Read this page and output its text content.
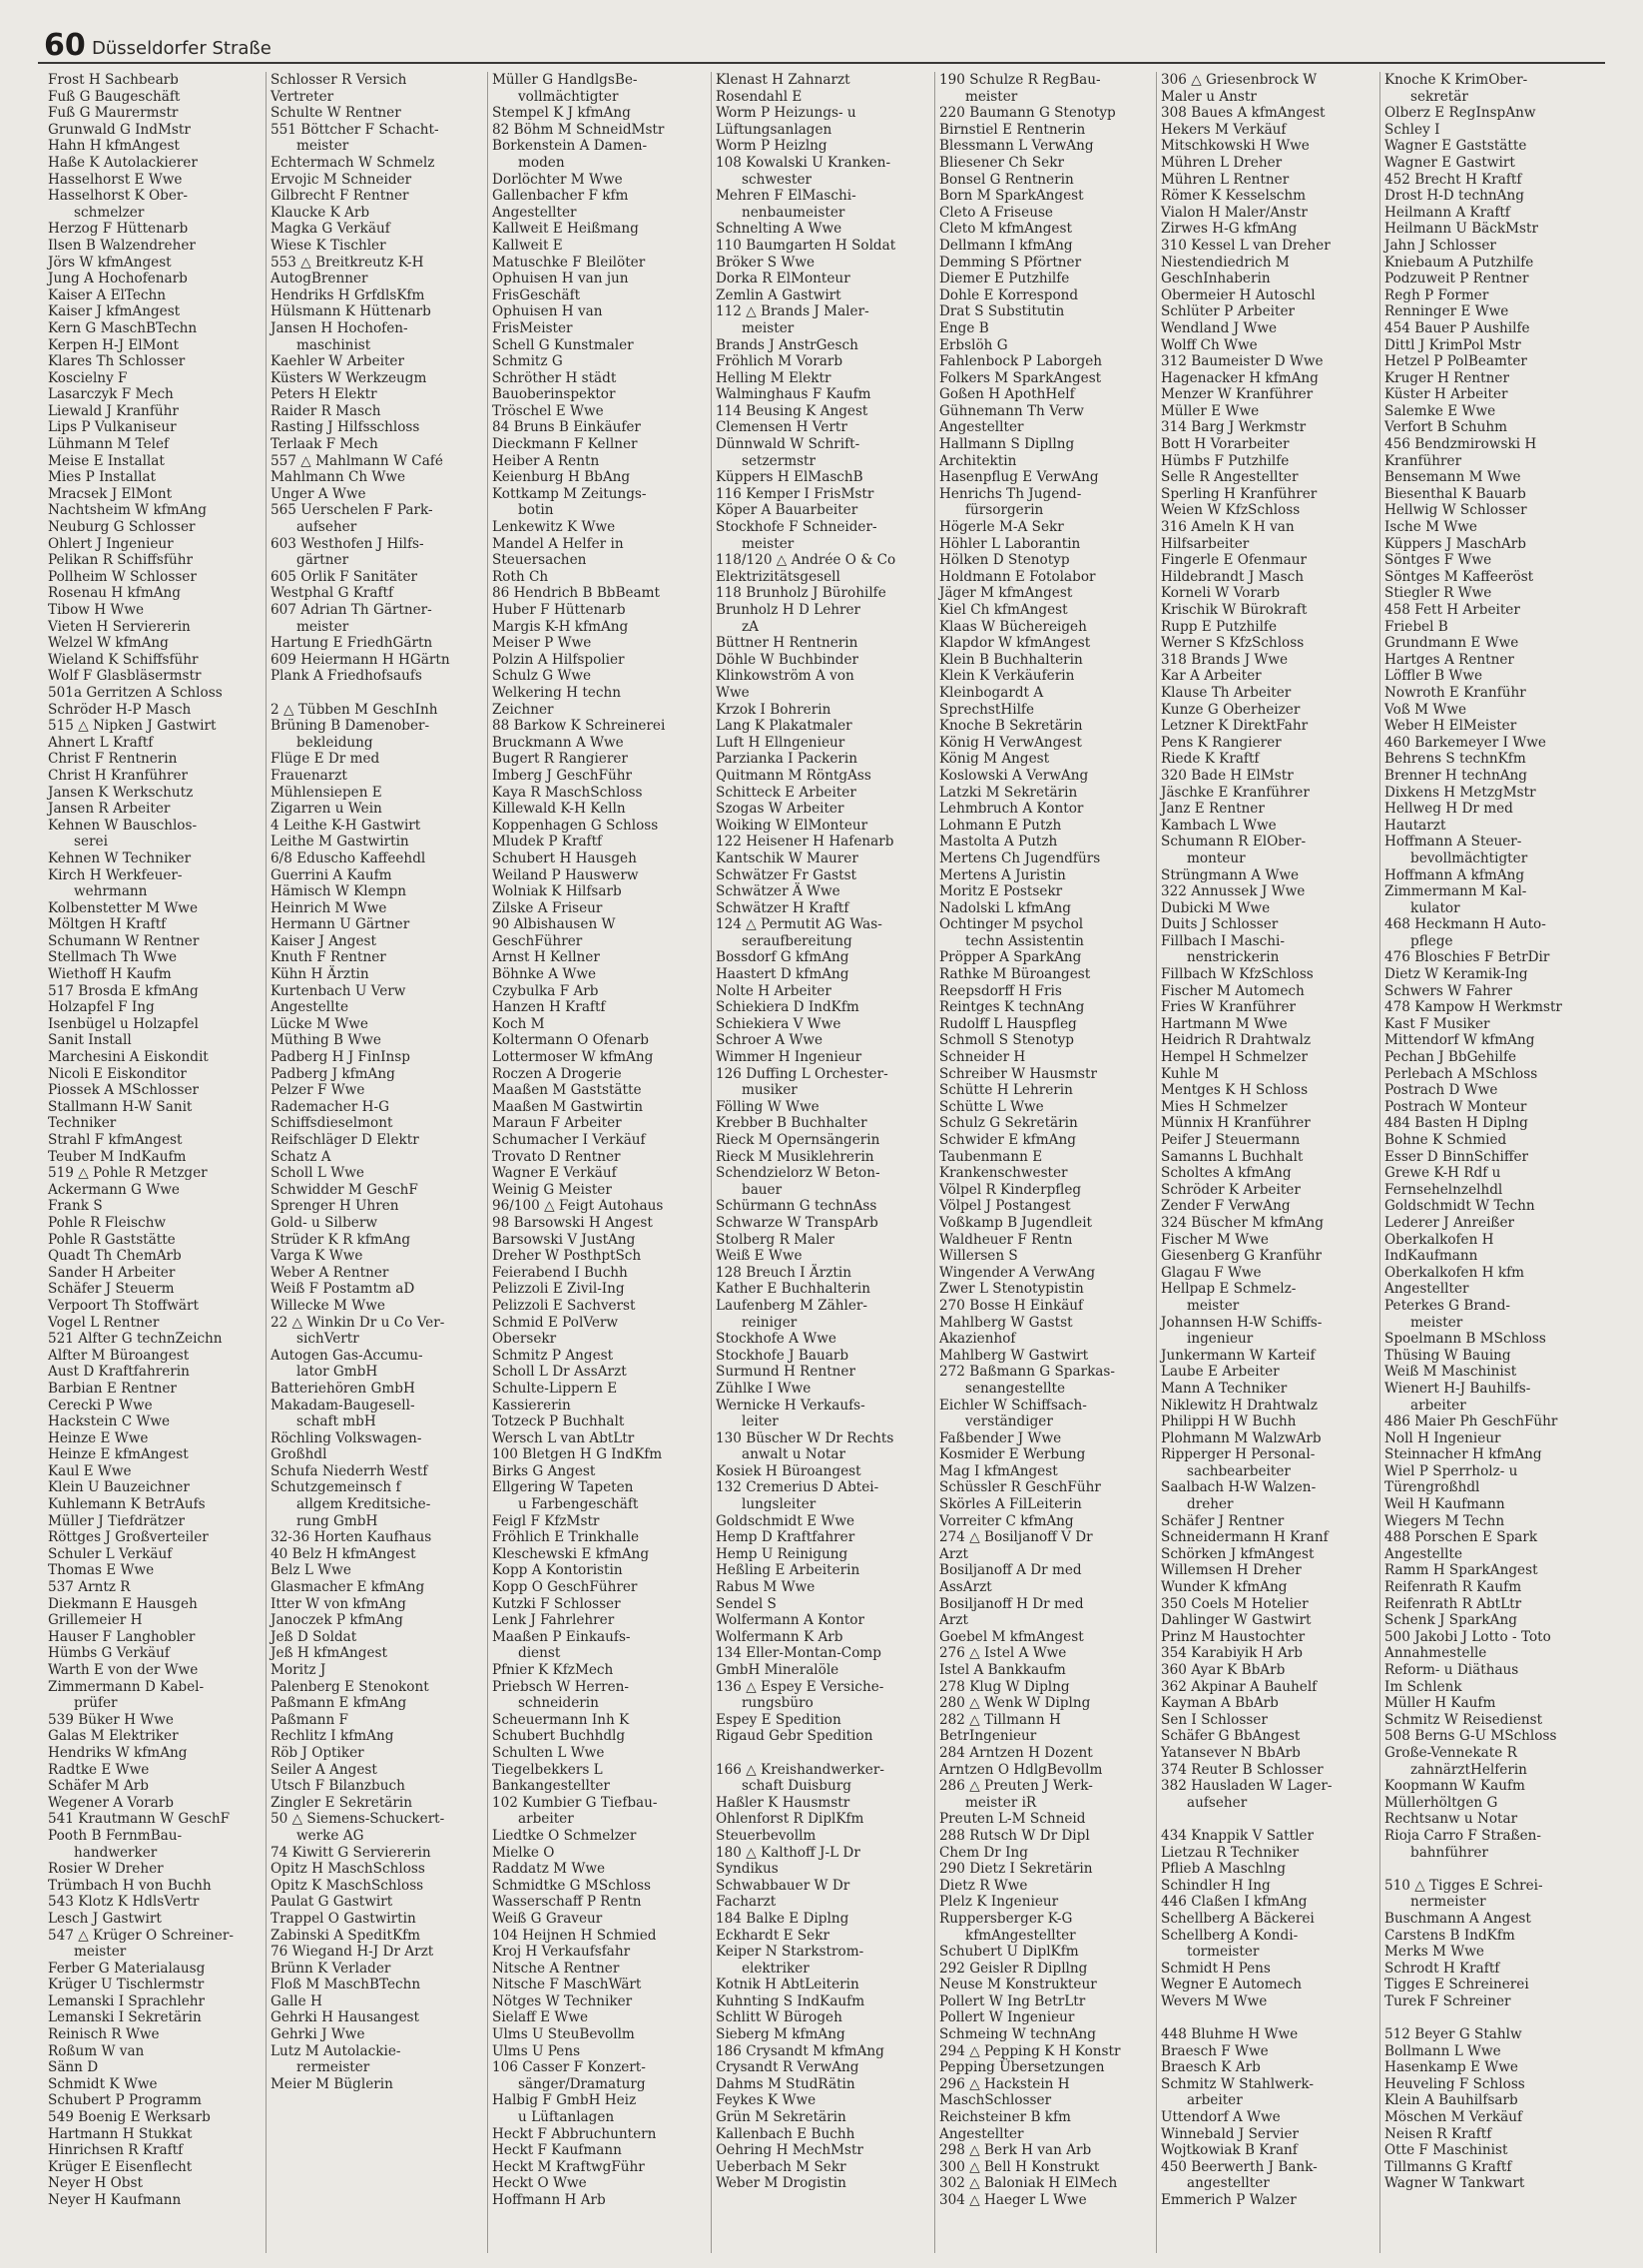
60 Düsseldorfer Straße
Frost H Sachbearb
Fuß G Baugeschäft
Fuß G Maurermstr
Grunwald G IndMstr
Hahn H kfmAngest
Haße K Autolackierer
Hasselhorst E Wwe
Hasselhorst K Ober-
schmelzer
Herzog F Hüttenarb
Ilsen B Walzendreher
Jörs W kfmAngest
Jung A Hochofenarb
Kaiser A ElTechn
Kaiser J kfmAngest
Kern G MaschBTechn
Kerpen H-J ElMont
Klares Th Schlosser
Koscielny F
Lasarczyk F Mech
Liewald J Kranführ
Lips P Vulkaniseur
Lühmann M Telef
Meise E Installat
Mies P Installat
Mracsek J ElMont
Nachtsheim W kfmAng
Neuburg G Schlosser
Ohlert J Ingenieur
Pelikan R Schiffsführ
Pollheim W Schlosser
Rosenau H kfmAng
Tibow H Wwe
Vieten H Serviererin
Welzel W kfmAng
Wieland K Schiffsführ
Wolf F Glasbläsermstr
501a Gerritzen A Schloss
Schröder H-P Masch
515 △ Nipken J Gastwirt
Ahnert L Kraftf
Christ F Rentnerin
Christ H Kranführer
Jansen K Werkschutz
Jansen R Arbeiter
Kehnen W Bauschlos-
serei
Kehnen W Techniker
Kirch H Werkfeuer-
wehrmann
Kolbenstetter M Wwe
Möltgen H Kraftf
Schumann W Rentner
Stellmach Th Wwe
Wiethoff H Kaufm
517 Brosda E kfmAng
Holzapfel F Ing
Isenbügel u Holzapfel
Sanit Install
Marchesini A Eiskondit
Nicoli E Eiskonditor
Piossek A MSchlosser
Stallmann H-W Sanit
Techniker
Strahl F kfmAngest
Teuber M IndKaufm
519 △ Pohle R Metzger
Ackermann G Wwe
Frank S
Pohle R Fleischw
Pohle R Gaststätte
Quadt Th ChemArb
Sander H Arbeiter
Schäfer J Steuerm
Verpoort Th Stoffwärt
Vogel L Rentner
521 Alfter G technZeichn
Alfter M Büroangest
Aust D Kraftfahrerin
Barbian E Rentner
Cerecki P Wwe
Hackstein C Wwe
Heinze E Wwe
Heinze E kfmAngest
Kaul E Wwe
Klein U Bauzeichner
Kuhlemann K BetrAufs
Müller J Tiefdrätzer
Röttges J Großverteiler
Schuler L Verkäuf
Thomas E Wwe
537 Arntz R
Diekmann E Hausgeh
Grillemeier H
Hauser F Langhobler
Hümbs G Verkäuf
Warth E von der Wwe
Zimmermann D Kabel-
prüfer
539 Büker H Wwe
Galas M Elektriker
Hendriks W kfmAng
Radtke E Wwe
Schäfer M Arb
Wegener A Vorarb
541 Krautmann W GeschF
Pooth B FernmBau-
handwerker
Rosier W Dreher
Trümbach H von Buchh
543 Klotz K HdlsVertr
Lesch J Gastwirt
547 △ Krüger O Schreiner-
meister
Ferber G Materialausg
Krüger U Tischlermstr
Lemanski I Sprachlehr
Lemanski I Sekretärin
Reinisch R Wwe
Roßum W van
Sänn D
Schmidt K Wwe
Schubert P Programm
549 Boenig E Werksarb
Hartmann H Stukkat
Hinrichsen R Kraftf
Krüger E Eisenflecht
Neyer H Obst
Neyer H Kaufmann
Schlosser R Versich
Vertreter
Schulte W Rentner
551 Böttcher F Schacht-
meister
Echtermach W Schmelz
Ervojic M Schneider
Gilbrecht F Rentner
Klaucke K Arb
Magka G Verkäuf
Wiese K Tischler
553 △ Breitkreutz K-H
AutogBrenner
Hendriks H GrfdlsKfm
Hülsmann K Hüttenarb
Jansen H Hochofen-
maschinist
Kaehler W Arbeiter
Küsters W Werkzeugm
Peters H Elektr
Raider R Masch
Rasting J Hilfsschloss
Terlaak F Mech
557 △ Mahlmann W Café
Mahlmann Ch Wwe
Unger A Wwe
565 Uerschelen F Park-
aufseher
603 Westhofen J Hilfs-
gärtner
605 Orlik F Sanitäter
Westphal G Kraftf
607 Adrian Th Gärtner-
meister
Hartung E FriedhGärtn
609 Heiermann H HGärtn
Plank A Friedhofsaufs

2 △ Tübben M GeschInh
Brüning B Damenober-
bekleidung
Flüge E Dr med
Frauenarzt
Mühlensiepen E
Zigarren u Wein
4 Leithe K-H Gastwirt
Leithe M Gastwirtin
6/8 Eduscho Kaffeehdl
Guerrini A Kaufm
Hämisch W Klempn
Heinrich M Wwe
Hermann U Gärtner
Kaiser J Angest
Knuth F Rentner
Kühn H Ärztin
Kurtenbach U Verw
Angestellte
Lücke M Wwe
Müthing B Wwe
Padberg H J FinInsp
Padberg J kfmAng
Pelzer F Wwe
Rademacher H-G
Schiffsdieselmont
Reifschläger D Elektr
Schatz A
Scholl L Wwe
Schwidder M GeschF
Sprenger H Uhren
Gold- u Silberw
Strüder K R kfmAng
Varga K Wwe
Weber A Rentner
Weiß F Postamtm aD
Willecke M Wwe
22 △ Winkin Dr u Co Ver-
sichVertr
Autogen Gas-Accumu-
lator GmbH
Batteriehören GmbH
Makadam-Baugesell-
schaft mbH
Röchling Volkswagen-
Großhdl
Schufa Niederrh Westf
Schutzgemeinsch f
allgem Kreditsiche-
rung GmbH
32-36 Horten Kaufhaus
40 Belz H kfmAngest
Belz L Wwe
Glasmacher E kfmAng
Itter W von kfmAng
Janoczek P kfmAng
Jeß D Soldat
Jeß H kfmAngest
Moritz J
Palenberg E Stenokont
Paßmann E kfmAng
Paßmann F
Rechlitz I kfmAng
Röb J Optiker
Seiler A Angest
Utsch F Bilanzbuch
Zingler E Sekretärin
50 △ Siemens-Schuckert-
werke AG
74 Kiwitt G Serviererin
Opitz H MaschSchloss
Opitz K MaschSchloss
Paulat G Gastwirt
Trappel O Gastwirtin
Zabinski A SpeditKfm
76 Wiegand H-J Dr Arzt
Brünn K Verlader
Floß M MaschBTechn
Galle H
Gehrki H Hausangest
Gehrki J Wwe
Lutz M Autolackie-
rermeister
Meier M Büglerin
Müller G HandlgsBe-
vollmächtigter
Stempel K J kfmAng
82 Böhm M SchneidMstr
Borkenstein A Damen-
moden
Dorlöchter M Wwe
Gallenbacher F kfm
Angestellter
Kallweit E Heißmang
Kallweit E
Matuschke F Bleilöter
Ophuisen H van jun
FrisGeschäft
Ophuisen H van
FrisMeister
Schell G Kunstmaler
Schmitz G
Schröther H städt
Bauoberinspektor
Tröschel E Wwe
84 Bruns B Einkäufer
Dieckmann F Kellner
Heiber A Rentn
Keienburg H BbAng
Kottkamp M Zeitungs-
botin
Lenkewitz K Wwe
Mandel A Helfer in
Steuersachen
Roth Ch
86 Hendrich B BbBeamt
Huber F Hüttenarb
Margis K-H kfmAng
Meiser P Wwe
Polzin A Hilfspolier
Schulz G Wwe
Welkering H techn
Zeichner
88 Barkow K Schreinerei
Bruckmann A Wwe
Bugert R Rangierer
Imberg J GeschFühr
Kaya R MaschSchloss
Killewald K-H Kelln
Koppenhagen G Schloss
Mludek P Kraftf
Schubert H Hausgeh
Weiland P Hauswerw
Wolniak K Hilfsarb
Zilske A Friseur
90 Albishausen W
GeschFührer
Arnst H Kellner
Böhnke A Wwe
Czybulka F Arb
Hanzen H Kraftf
Koch M
Koltermann O Ofenarb
Lottermoser W kfmAng
Roczen A Drogerie
Maaßen M Gaststätte
Maaßen M Gastwirtin
Maraun F Arbeiter
Schumacher I Verkäuf
Trovato D Rentner
Wagner E Verkäuf
Weinig G Meister
96/100 △ Feigt Autohaus
98 Barsowski H Angest
Barsowski V JustAng
Dreher W PosthptSch
Feierabend I Buchh
Pelizzoli E Zivil-Ing
Pelizzoli E Sachverst
Schmid E PolVerw
Obersekr
Schmitz P Angest
Scholl L Dr AssArzt
Schulte-Lippern E
Kassiererin
Totzeck P Buchhalt
Wersch L van AbtLtr
100 Bletgen H G IndKfm
Birks G Angest
Ellgering W Tapeten
u Farbengeschäft
Feigl F KfzMstr
Fröhlich E Trinkhalle
Kleschewski E kfmAng
Kopp A Kontoristin
Kopp O GeschFührer
Kutzki F Schlosser
Lenk J Fahrlehrer
Maaßen P Einkaufs-
dienst
Pfnier K KfzMech
Priebsch W Herren-
schneiderin
Scheuermann Inh K
Schubert Buchhdlg
Schulten L Wwe
Tiegelbekkers L
Bankangestellter
102 Kumbier G Tiefbau-
arbeiter
Liedtke O Schmelzer
Mielke O
Raddatz M Wwe
Schmidtke G MSchloss
Wasserschaff P Rentn
Weiß G Graveur
104 Heijnen H Schmied
Kroj H Verkaufsfahr
Nitsche A Rentner
Nitsche F MaschWärt
Nötges W Techniker
Sielaff E Wwe
Ulms U SteuBevollm
Ulms U Pens
106 Casser F Konzert-
sänger/Dramaturg
Halbig F GmbH Heiz
u Lüftanlagen
Heckt F Abbruchuntern
Heckt F Kaufmann
Heckt M KraftwgFühr
Heckt O Wwe
Hoffmann H Arb
Klenast H Zahnarzt
Rosendahl E
Worm P Heizungs- u
Lüftungsanlagen
Worm P Heizlng
108 Kowalski U Kranken-
schwester
Mehren F ElMaschi-
nenbaumeister
Schnelting A Wwe
110 Baumgarten H Soldat
Bröker S Wwe
Dorka R ElMonteur
Zemlin A Gastwirt
112 △ Brands J Maler-
meister
Brands J AnstrGesch
Fröhlich M Vorarb
Helling M Elektr
Walminghaus F Kaufm
114 Beusing K Angest
Clemensen H Vertr
Dünnwald W Schrift-
setzermstr
Küppers H ElMaschB
116 Kemper I FrisMstr
Köper A Bauarbeiter
Stockhofe F Schneider-
meister
118/120 △ Andrée O & Co
Elektrizitätsgesell
118 Brunholz J Bürohilfe
Brunholz H D Lehrer
zA
Büttner H Rentnerin
Döhle W Buchbinder
Klinkowström A von
Wwe
Krzok I Bohrerin
Lang K Plakatmaler
Luft H Ellngenieur
Parzianka I Packerin
Quitmann M RöntgAss
Schitteck E Arbeiter
Szogas W Arbeiter
Woiking W ElMonteur
122 Heisener H Hafenarb
Kantschik W Maurer
Schwätzer Fr Gastst
Schwätzer Ä Wwe
Schwätzer H Kraftf
124 △ Permutit AG Was-
seraufbereitung
Bossdorf G kfmAng
Haastert D kfmAng
Nolte H Arbeiter
Schiekiera D IndKfm
Schiekiera V Wwe
Schroer A Wwe
Wimmer H Ingenieur
126 Duffing L Orchester-
musiker
Fölling W Wwe
Krebber B Buchhalter
Rieck M Opernsängerin
Rieck M Musiklehrerin
Schendzielorz W Beton-
bauer
Schürmann G technAss
Schwarze W TranspArb
Stolberg R Maler
Weiß E Wwe
128 Breuch I Ärztin
Kather E Buchhalterin
Laufenberg M Zähler-
reiniger
Stockhofe A Wwe
Stockhofe J Bauarb
Surmund H Rentner
Zühlke I Wwe
Wernicke H Verkaufs-
leiter
130 Büscher W Dr Rechts
anwalt u Notar
Kosiek H Büroangest
132 Cremerius D Abtei-
lungsleiter
Goldschmidt E Wwe
Hemp D Kraftfahrer
Hemp U Reinigung
Heßling E Arbeiterin
Rabus M Wwe
Sendel S
Wolfermann A Kontor
Wolfermann K Arb
134 Eller-Montan-Comp
GmbH Mineralöle
136 △ Espey E Versiche-
rungsbüro
Espey E Spedition
Rigaud Gebr Spedition

166 △ Kreishandwerker-
schaft Duisburg
Haßler K Hausmstr
Ohlenforst R DiplKfm
Steuerbevollm
180 △ Kalthoff J-L Dr
Syndikus
Schwabbauer W Dr
Facharzt
184 Balke E Diplng
Eckhardt E Sekr
Keiper N Starkstrom-
elektriker
Kotnik H AbtLeiterin
Kuhnting S IndKaufm
Schlitt W Bürogeh
Sieberg M kfmAng
186 Crysandt M kfmAng
Crysandt R VerwAng
Dahms M StudRätin
Feykes K Wwe
Grün M Sekretärin
Kallenbach E Buchh
Oehring H MechMstr
Ueberbach M Sekr
Weber M Drogistin
190 Schulze R RegBau-
meister
220 Baumann G Stenotyp
Birnstiel E Rentnerin
Blessmann L VerwAng
Bliesener Ch Sekr
Bonsel G Rentnerin
Born M SparkAngest
Cleto A Friseuse
Cleto M kfmAngest
Dellmann I kfmAng
Demming S Pförtner
Diemer E Putzhilfe
Dohle E Korrespond
Drat S Substitutin
Enge B
Erbslöh G
Fahlenbock P Laborgeh
Folkers M SparkAngest
Goßen H ApothHelf
Gühnemann Th Verw
Angestellter
Hallmann S Dipllng
Architektin
Hasenpflug E VerwAng
Henrichs Th Jugend-
fürsorgerin
Högerle M-A Sekr
Höhler L Laborantin
Hölken D Stenotyp
Holdmann E Fotolabor
Jäger M kfmAngest
Kiel Ch kfmAngest
Klaas W Büchereigeh
Klapdor W kfmAngest
Klein B Buchhalterin
Klein K Verkäuferin
Kleinbogardt A
SprechstHilfe
Knoche B Sekretärin
König H VerwAngest
König M Angest
Koslowski A VerwAng
Latzki M Sekretärin
Lehmbruch A Kontor
Lohmann E Putzh
Mastolta A Putzh
Mertens Ch Jugendfürs
Mertens A Juristin
Moritz E Postsekr
Nadolski L kfmAng
Ochtinger M psychol
techn Assistentin
Pröpper A SparkAng
Rathke M Büroangest
Reepsdorff H Fris
Reintges K technAng
Rudolff L Hauspfleg
Schmoll S Stenotyp
Schneider H
Schreiber W Hausmstr
Schütte H Lehrerin
Schütte L Wwe
Schulz G Sekretärin
Schwider E kfmAng
Taubenmann E
Krankenschwester
Völpel R Kinderpfleg
Völpel J Postangest
Voßkamp B Jugendleit
Waldheuer F Rentn
Willersen S
Wingender A VerwAng
Zwer L Stenotypistin
270 Bosse H Einkäuf
Mahlberg W Gastst
Akazienhof
Mahlberg W Gastwirt
272 Baßmann G Sparkas-
senangestellte
Eichler W Schiffsach-
verständiger
Faßbender J Wwe
Kosmider E Werbung
Mag I kfmAngest
Schüssler R GeschFühr
Skörles A FilLeiterin
Vorreiter C kfmAng
274 △ Bosiljanoff V Dr
Arzt
Bosiljanoff A Dr med
AssArzt
Bosiljanoff H Dr med
Arzt
Goebel M kfmAngest
276 △ Istel A Wwe
Istel A Bankkaufm
278 Klug W Diplng
280 △ Wenk W Diplng
282 △ Tillmann H
BetrIngenieur
284 Arntzen H Dozent
Arntzen O HdlgBevollm
286 △ Preuten J Werk-
meister iR
Preuten L-M Schneid
288 Rutsch W Dr Dipl
Chem Dr Ing
290 Dietz I Sekretärin
Dietz R Wwe
Plelz K Ingenieur
Ruppersberger K-G
kfmAngestellter
Schubert U DiplKfm
292 Geisler R Dipllng
Neuse M Konstrukteur
Pollert W Ing BetrLtr
Pollert W Ingenieur
Schmeing W technAng
294 △ Pepping K H Konstr
Pepping Übersetzungen
296 △ Hackstein H
MaschSchlosser
Reichsteiner B kfm
Angestellter
298 △ Berk H van Arb
300 △ Bell H Konstrukt
302 △ Baloniak H ElMech
304 △ Haeger L Wwe
306 △ Griesenbrock W
Maler u Anstr
308 Baues A kfmAngest
Hekers M Verkäuf
Mitschkowski H Wwe
Mühren L Dreher
Mühren L Rentner
Römer K Kesselschm
Vialon H Maler/Anstr
Zirwes H-G kfmAng
310 Kessel L van Dreher
Niestendiedrich M
GeschInhaberin
Obermeier H Autoschl
Schlüter P Arbeiter
Wendland J Wwe
Wolff Ch Wwe
312 Baumeister D Wwe
Hagenacker H kfmAng
Menzer W Kranführer
Müller E Wwe
314 Barg J Werkmstr
Bott H Vorarbeiter
Hümbs F Putzhilfe
Selle R Angestellter
Sperling H Kranführer
Weien W KfzSchloss
316 Ameln K H van
Hilfsarbeiter
Fingerle E Ofenmaur
Hildebrandt J Masch
Korneli W Vorarb
Krischik W Bürokraft
Rupp E Putzhilfe
Werner S KfzSchloss
318 Brands J Wwe
Kar A Arbeiter
Klause Th Arbeiter
Kunze G Oberheizer
Letzner K DirektFahr
Pens K Rangierer
Riede K Kraftf
320 Bade H ElMstr
Jäschke E Kranführer
Janz E Rentner
Kambach L Wwe
Schumann R ElOber-
monteur
Strüngmann A Wwe
322 Annussek J Wwe
Dubicki M Wwe
Duits J Schlosser
Fillbach I Maschi-
nenstrickerin
Fillbach W KfzSchloss
Fischer M Automech
Fries W Kranführer
Hartmann M Wwe
Heidrich R Drahtwalz
Hempel H Schmelzer
Kuhle M
Mentges K H Schloss
Mies H Schmelzer
Münnix H Kranführer
Peifer J Steuermann
Samanns L Buchhalt
Scholtes A kfmAng
Schröder K Arbeiter
Zender F VerwAng
324 Büscher M kfmAng
Fischer M Wwe
Giesenberg G Kranführ
Glagau F Wwe
Hellpap E Schmelz-
meister
Johannsen H-W Schiffs-
ingenieur
Junkermann W Karteif
Laube E Arbeiter
Mann A Techniker
Niklewitz H Drahtwalz
Philippi H W Buchh
Plohmann M WalzwArb
Ripperger H Personal-
sachbearbeiter
Saalbach H-W Walzen-
dreher
Schäfer J Rentner
Schneidermann H Kranf
Schörken J kfmAngest
Willemsen H Dreher
Wunder K kfmAng
350 Coels M Hotelier
Dahlinger W Gastwirt
Prinz M Haustochter
354 Karabiyik H Arb
360 Ayar K BbArb
362 Akpinar A Bauhelf
Kayman A BbArb
Sen I Schlosser
Schäfer G BbAngest
Yatansever N BbArb
374 Reuter B Schlosser
382 Hausladen W Lager-
aufseher

434 Knappik V Sattler
Lietzau R Techniker
Pflieb A Maschlng
Schindler H Ing
446 Claßen I kfmAng
Schellberg A Bäckerei
Schellberg A Kondi-
tormeister
Schmidt H Pens
Wegner E Automech
Wevers M Wwe

448 Bluhme H Wwe
Braesch F Wwe
Braesch K Arb
Schmitz W Stahlwerk-
arbeiter
Uttendorf A Wwe
Winnebald J Servier
Wojtkowiak B Kranf
450 Beerwerth J Bank-
angestellter
Emmerich P Walzer
Knoche K KrimOber-
sekretär
Olberz E RegInspAnw
Schley I
Wagner E Gaststätte
Wagner E Gastwirt
452 Brecht H Kraftf
Drost H-D technAng
Heilmann A Kraftf
Heilmann U BäckMstr
Jahn J Schlosser
Kniebaum A Putzhilfe
Podzuweit P Rentner
Regh P Former
Renninger E Wwe
454 Bauer P Aushilfe
Dittl J KrimPol Mstr
Hetzel P PolBeamter
Kruger H Rentner
Küster H Arbeiter
Salemke E Wwe
Verfort B Schuhm
456 Bendzmirowski H
Kranführer
Bensemann M Wwe
Biesenthal K Bauarb
Hellwig W Schlosser
Ische M Wwe
Küppers J MaschArb
Söntges F Wwe
Söntges M Kaffeeröst
Stiegler R Wwe
458 Fett H Arbeiter
Friebel B
Grundmann E Wwe
Hartges A Rentner
Löffler B Wwe
Nowroth E Kranführ
Voß M Wwe
Weber H ElMeister
460 Barkemeyer I Wwe
Behrens S technKfm
Brenner H technAng
Dixkens H MetzgMstr
Hellweg H Dr med
Hautarzt
Hoffmann A Steuer-
bevollmächtigter
Hoffmann A kfmAng
Zimmermann M Kal-
kulator
468 Heckmann H Auto-
pflege
476 Bloschies F BetrDir
Dietz W Keramik-Ing
Schwers W Fahrer
478 Kampow H Werkmstr
Kast F Musiker
Mittendorf W kfmAng
Pechan J BbGehilfe
Perlebach A MSchloss
Postrach D Wwe
Postrach W Monteur
484 Basten H Diplng
Bohne K Schmied
Esser D BinnSchiffer
Grewe K-H Rdf u
Fernsehelnzelhdl
Goldschmidt W Techn
Lederer J Anreißer
Oberkalkofen H
IndKaufmann
Oberkalkofen H kfm
Angestellter
Peterkes G Brand-
meister
Spoelmann B MSchloss
Thüsing W Bauing
Weiß M Maschinist
Wienert H-J Bauhilfs-
arbeiter
486 Maier Ph GeschFühr
Noll H Ingenieur
Steinnacher H kfmAng
Wiel P Sperrholz- u
Türengroßhdl
Weil H Kaufmann
Wiegers M Techn
488 Porschen E Spark
Angestellte
Ramm H SparkAngest
Reifenrath R Kaufm
Reifenrath R AbtLtr
Schenk J SparkAng
500 Jakobi J Lotto - Toto
Annahmestelle
Reform- u Diäthaus
Im Schlenk
Müller H Kaufm
Schmitz W Reisedienst
508 Berns G-U MSchloss
Große-Vennekate R
zahnärztHelferin
Koopmann W Kaufm
Müllerhöltgen G
Rechtsanw u Notar
Rioja Carro F Straßen-
bahnführer

510 △ Tigges E Schrei-
nermeister
Buschmann A Angest
Carstens B IndKfm
Merks M Wwe
Schrodt H Kraftf
Tigges E Schreinerei
Turek F Schreiner

512 Beyer G Stahlw
Bollmann L Wwe
Hasenkamp E Wwe
Heuveling F Schloss
Klein A Bauhilfsarb
Möschen M Verkäuf
Neisen R Kraftf
Otte F Maschinist
Tillmanns G Kraftf
Wagner W Tankwart
